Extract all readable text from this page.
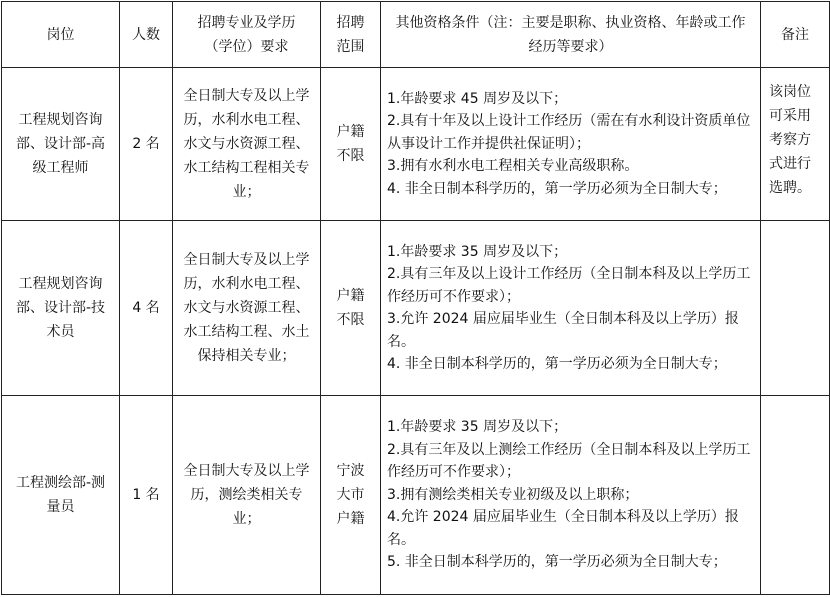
岗位	人数	招聘专业及学历（学位）要求	招聘范围	其他资格条件（注：主要是职称、执业资格、年龄或工作经历等要求）	备注
工程规划咨询部、设计部-高级工程师	2 名	全日制大专及以上学历，水利水电工程、水文与水资源工程、水工结构工程相关专业；	户籍不限	1.年龄要求 45 周岁及以下；
2.具有十年及以上设计工作经历（需在有水利设计资质单位从事设计工作并提供社保证明）；
3.拥有水利水电工程相关专业高级职称。
4. 非全日制本科学历的，第一学历必须为全日制大专；	该岗位可采用考察方式进行选聘。
工程规划咨询部、设计部-技术员	4 名	全日制大专及以上学历，水利水电工程、水文与水资源工程、水工结构工程、水土保持相关专业；	户籍不限	1.年龄要求 35 周岁及以下；
2.具有三年及以上设计工作经历（全日制本科及以上学历工作经历可不作要求）；
3.允许 2024 届应届毕业生（全日制本科及以上学历）报名。
4. 非全日制本科学历的，第一学历必须为全日制大专；	

工程测绘部-测量员	1 名	全日制大专及以上学历，测绘类相关专业；	宁波大市户籍	1.年龄要求 35 周岁及以下；
2.具有三年及以上测绘工作经历（全日制本科及以上学历工作经历可不作要求）；
3.拥有测绘类相关专业初级及以上职称；
4.允许 2024 届应届毕业生（全日制本科及以上学历）报名。
5. 非全日制本科学历的，第一学历必须为全日制大专；	
